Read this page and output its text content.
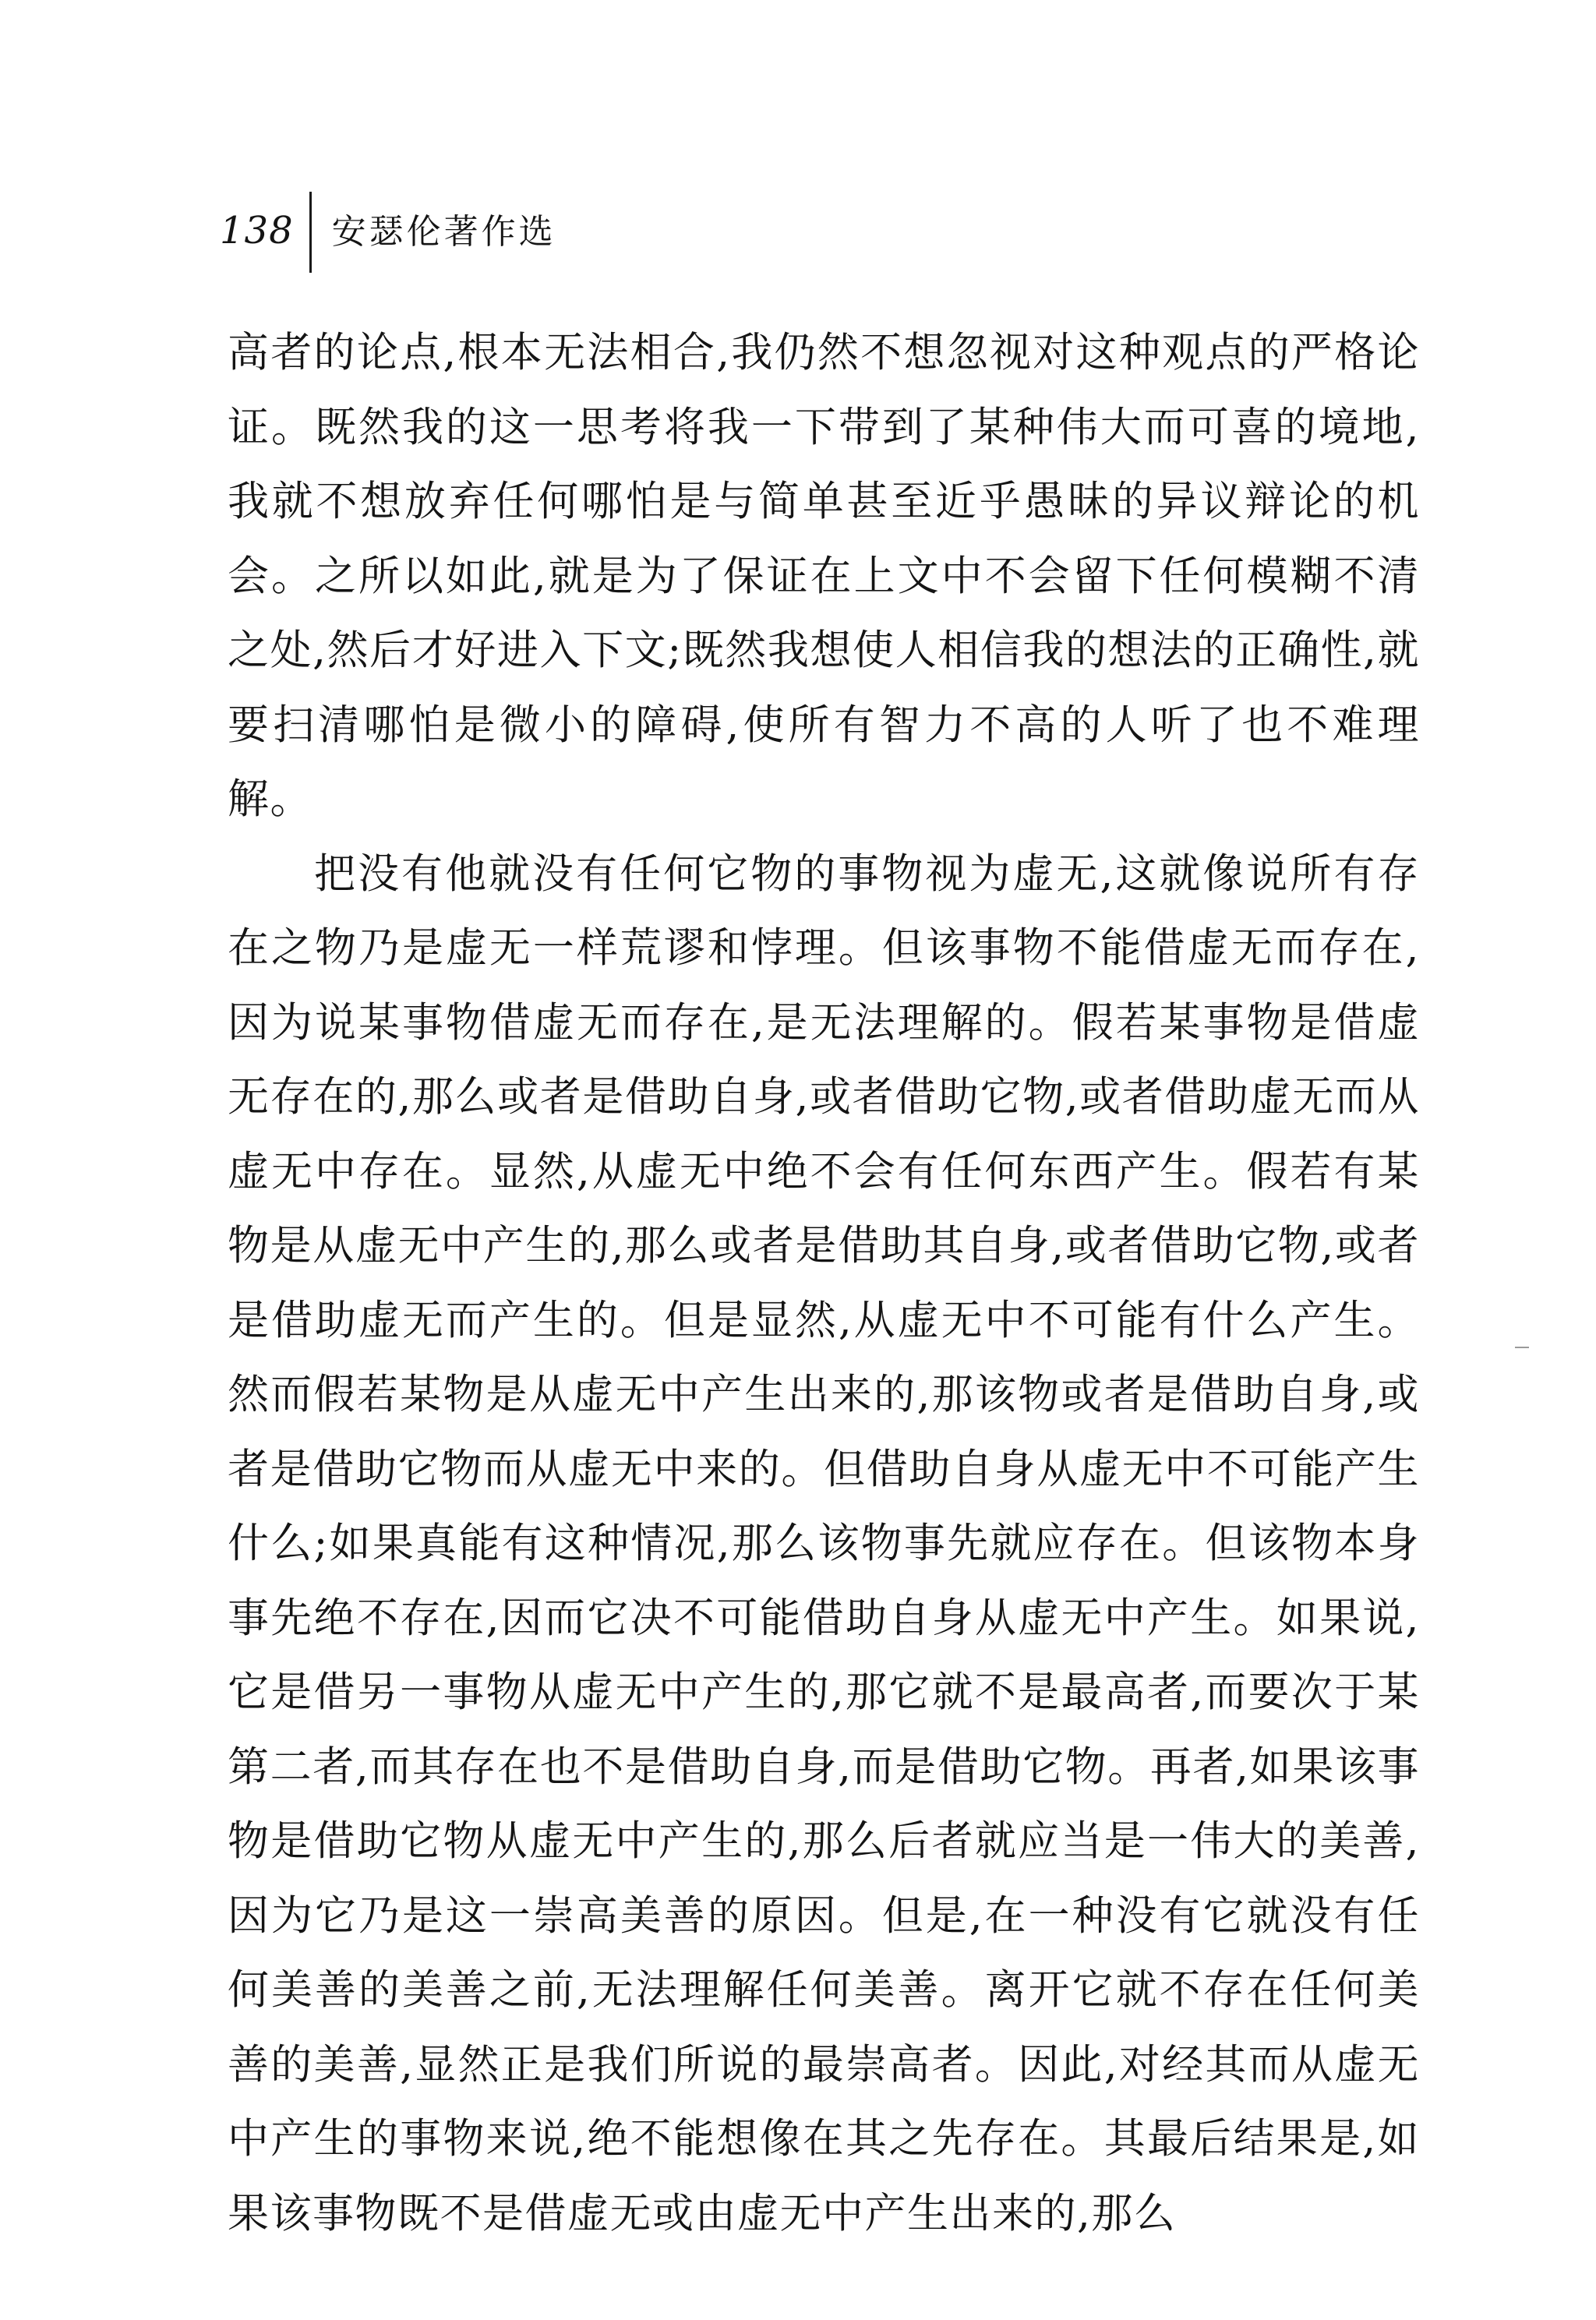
138 安瑟伦著作选

高者的论点,根本无法相合,我仍然不想忽视对这种观点的严格论证。既然我的这一思考将我一下带到了某种伟大而可喜的境地,我就不想放弃任何哪怕是与简单甚至近乎愚昧的异议辩论的机会。之所以如此,就是为了保证在上文中不会留下任何模糊不清之处,然后才好进入下文;既然我想使人相信我的想法的正确性,就要扫清哪怕是微小的障碍,使所有智力不高的人听了也不难理解。

把没有他就没有任何它物的事物视为虚无,这就像说所有存在之物乃是虚无一样荒谬和悖理。但该事物不能借虚无而存在,因为说某事物借虚无而存在,是无法理解的。假若某事物是借虚无存在的,那么或者是借助自身,或者借助它物,或者借助虚无而从虚无中存在。显然,从虚无中绝不会有任何东西产生。假若有某物是从虚无中产生的,那么或者是借助其自身,或者借助它物,或者是借助虚无而产生的。但是显然,从虚无中不可能有什么产生。然而假若某物是从虚无中产生出来的,那该物或者是借助自身,或者是借助它物而从虚无中来的。但借助自身从虚无中不可能产生什么;如果真能有这种情况,那么该物事先就应存在。但该物本身事先绝不存在,因而它决不可能借助自身从虚无中产生。如果说,它是借另一事物从虚无中产生的,那它就不是最高者,而要次于某第二者,而其存在也不是借助自身,而是借助它物。再者,如果该事物是借助它物从虚无中产生的,那么后者就应当是一伟大的美善,因为它乃是这一崇高美善的原因。但是,在一种没有它就没有任何美善的美善之前,无法理解任何美善。离开它就不存在任何美善的美善,显然正是我们所说的最崇高者。因此,对经其而从虚无中产生的事物来说,绝不能想像在其之先存在。其最后结果是,如果该事物既不是借虚无或由虚无中产生出来的,那么
